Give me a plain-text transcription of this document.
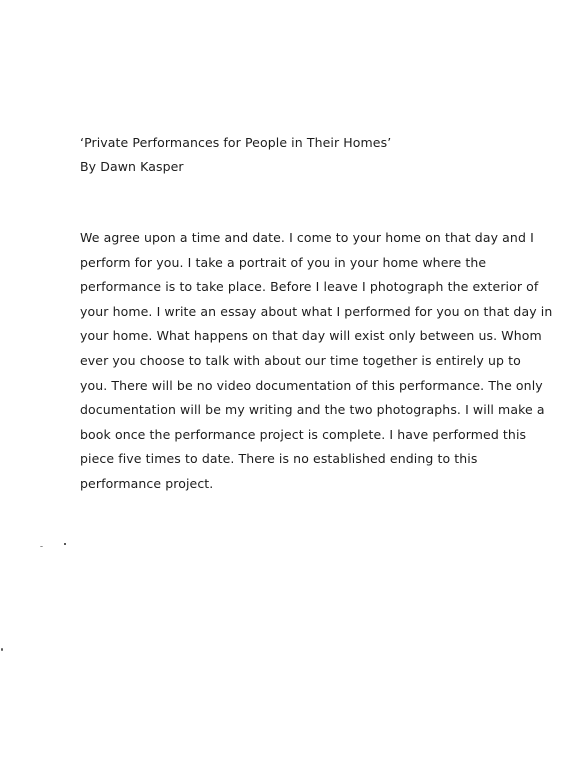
‘Private Performances for People in Their Homes’
By Dawn Kasper
We agree upon a time and date. I come to your home on that day and I
perform for you. I take a portrait of you in your home where the
performance is to take place. Before I leave I photograph the exterior of
your home. I write an essay about what I performed for you on that day in
your home. What happens on that day will exist only between us. Whom
ever you choose to talk with about our time together is entirely up to
you. There will be no video documentation of this performance. The only
documentation will be my writing and the two photographs. I will make a
book once the performance project is complete. I have performed this
piece five times to date. There is no established ending to this
performance project.
